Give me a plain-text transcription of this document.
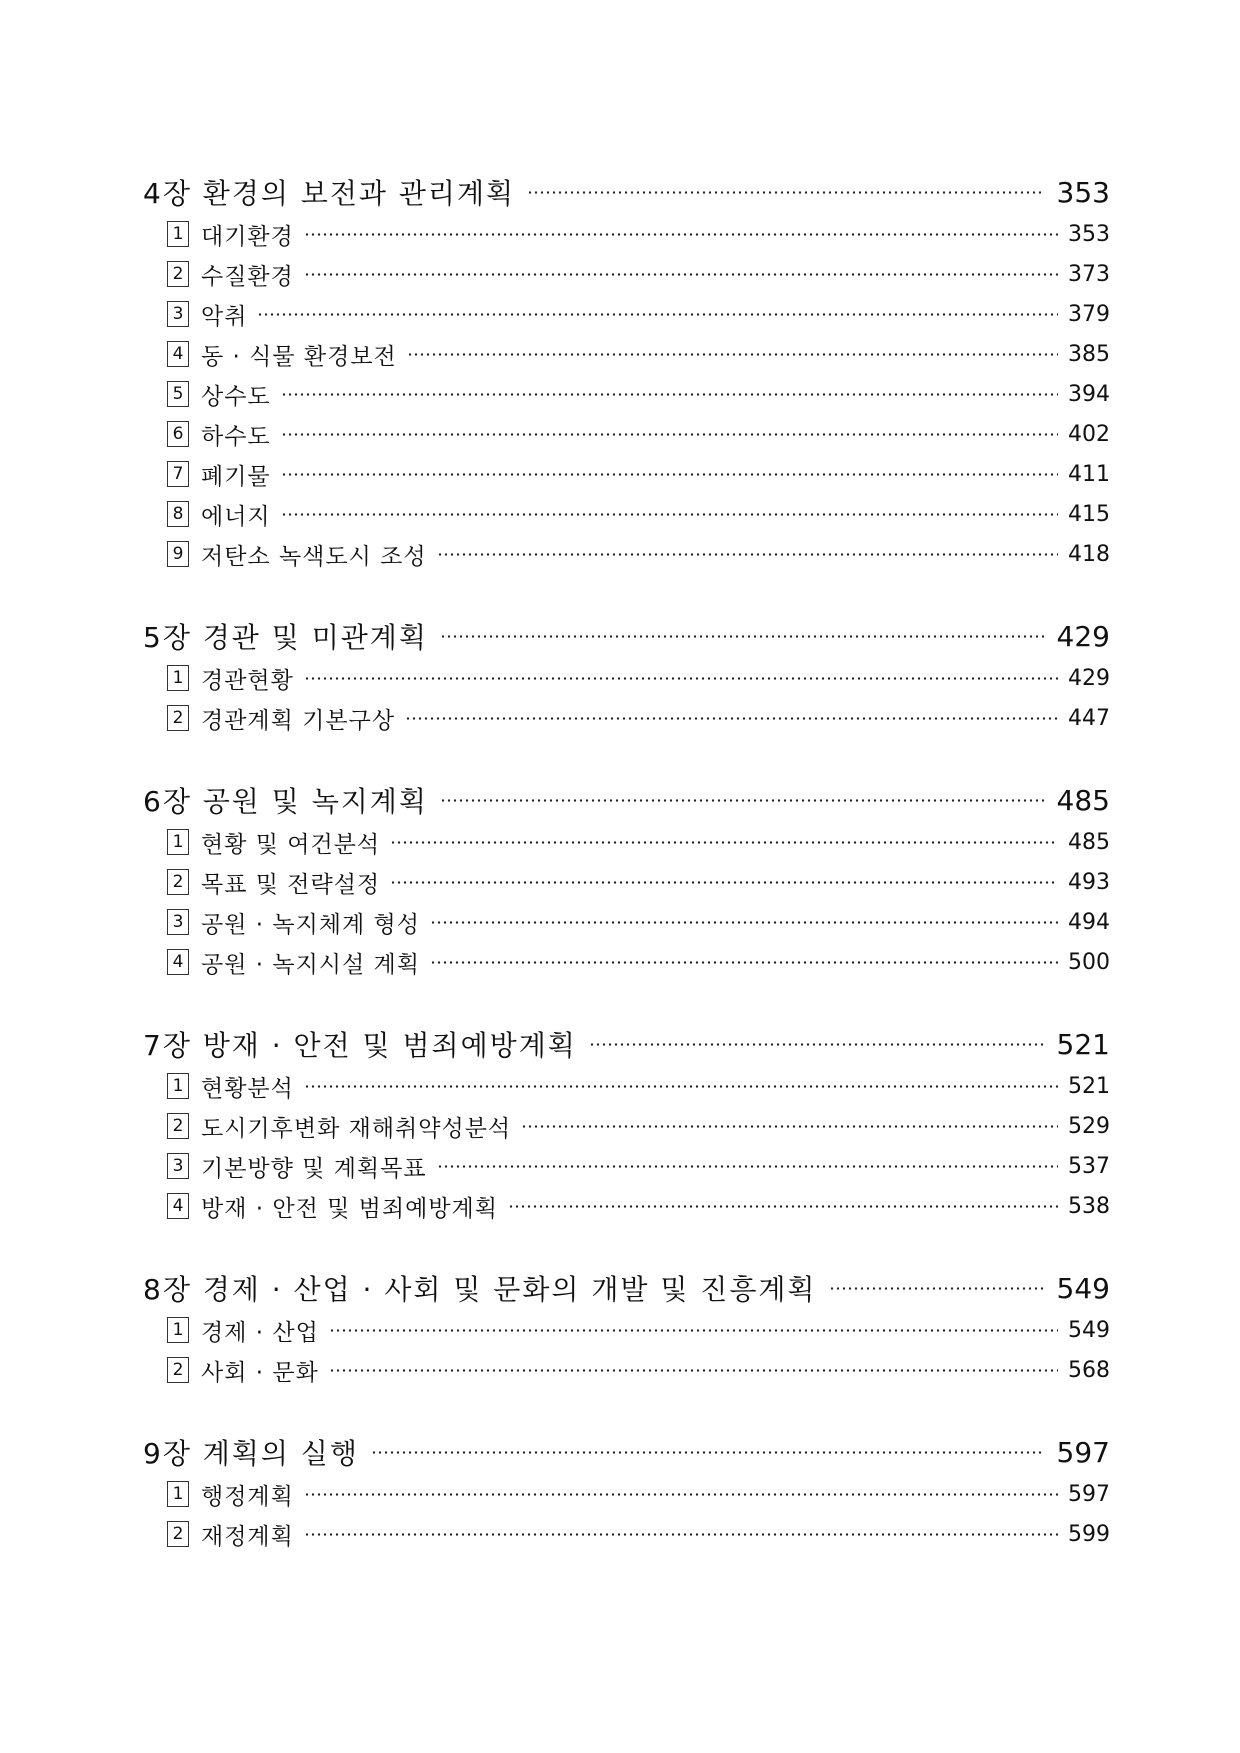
4장 환경의 보전과 관리계획	353
1 대기환경	353
2 수질환경	373
3 악취	379
4 동 · 식물 환경보전	385
5 상수도	394
6 하수도	402
7 폐기물	411
8 에너지	415
9 저탄소 녹색도시 조성	418
5장 경관 및 미관계획	429
1 경관현황	429
2 경관계획 기본구상	447
6장 공원 및 녹지계획	485
1 현황 및 여건분석	485
2 목표 및 전략설정	493
3 공원 · 녹지체계 형성	494
4 공원 · 녹지시설 계획	500
7장 방재 · 안전 및 범죄예방계획	521
1 현황분석	521
2 도시기후변화 재해취약성분석	529
3 기본방향 및 계획목표	537
4 방재 · 안전 및 범죄예방계획	538
8장 경제 · 산업 · 사회 및 문화의 개발 및 진흥계획	549
1 경제 · 산업	549
2 사회 · 문화	568
9장 계획의 실행	597
1 행정계획	597
2 재정계획	599
